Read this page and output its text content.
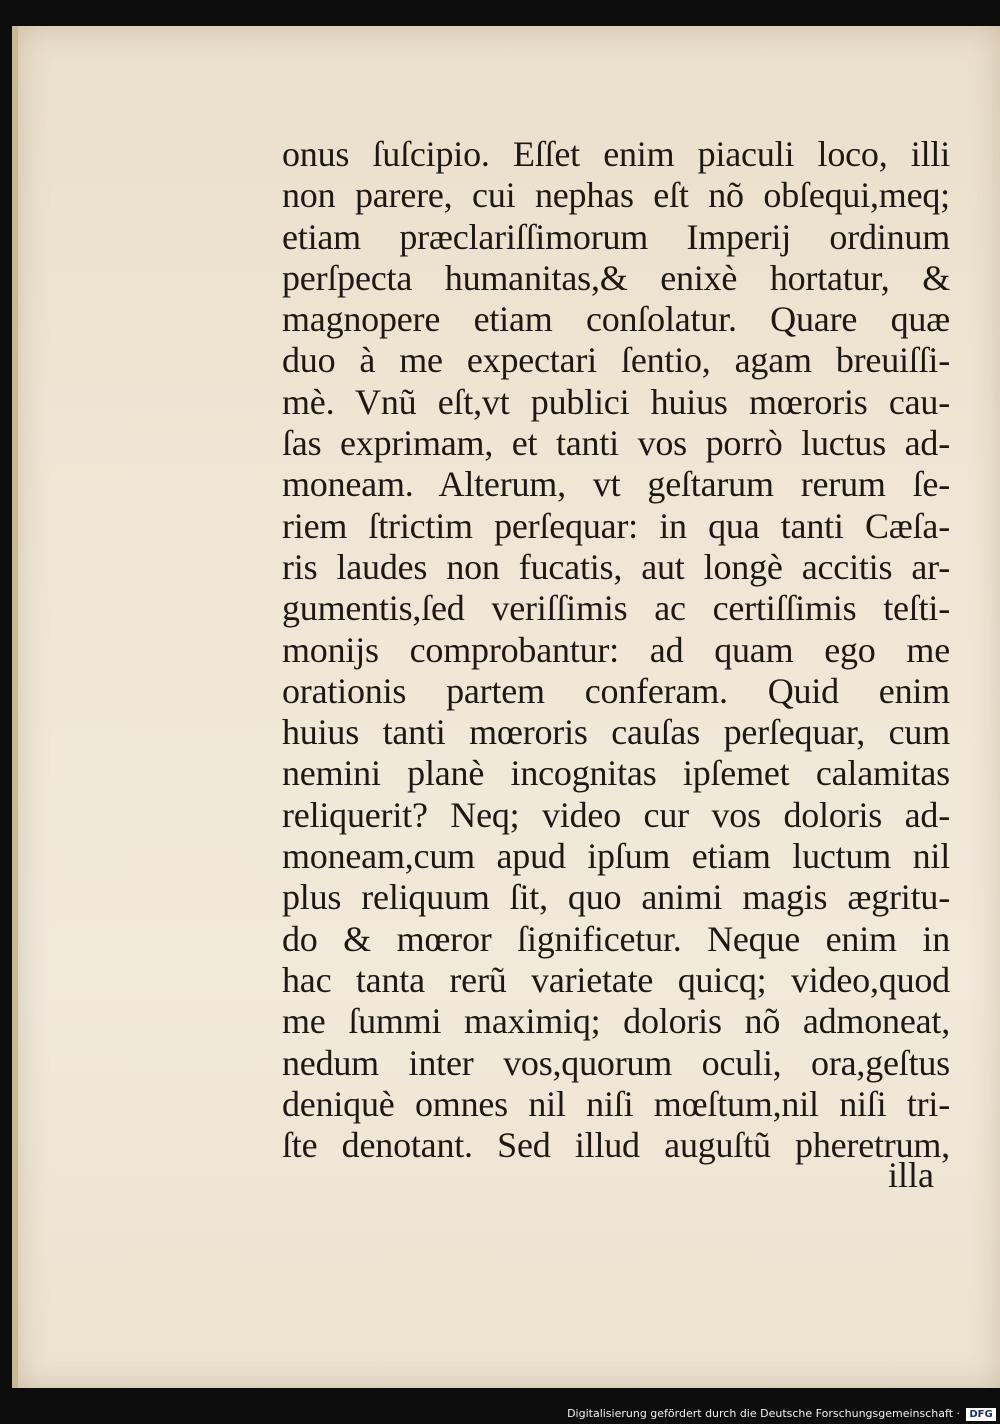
onus ſuſcipio. Eſſet enim piaculi loco, illi
non parere, cui nephas eſt nõ obſequi,meq;
etiam præclariſſimorum Imperij ordinum
perſpecta humanitas,& enixè hortatur, &
magnopere etiam conſolatur. Quare quæ
duo à me expectari ſentio, agam breuiſſi-
mè. Vnũ eſt,vt publici huius mœroris cau-
ſas exprimam, et tanti vos porrò luctus ad-
moneam. Alterum, vt geſtarum rerum ſe-
riem ſtrictim perſequar: in qua tanti Cæſa-
ris laudes non fucatis, aut longè accitis ar-
gumentis,ſed veriſſimis ac certiſſimis teſti-
monijs comprobantur: ad quam ego me
orationis partem conferam. Quid enim
huius tanti mœroris cauſas perſequar, cum
nemini planè incognitas ipſemet calamitas
reliquerit? Neq; video cur vos doloris ad-
moneam,cum apud ipſum etiam luctum nil
plus reliquum ſit, quo animi magis ægritu-
do & mœror ſignificetur. Neque enim in
hac tanta rerũ varietate quicq; video,quod
me ſummi maximiq; doloris nõ admoneat,
nedum inter vos,quorum oculi, ora,geſtus
deniquè omnes nil niſi mœſtum,nil niſi tri-
ſte denotant. Sed illud auguſtũ pheretrum,
illa
Digitalisierung gefördert durch die Deutsche Forschungsgemeinschaft · DFG
